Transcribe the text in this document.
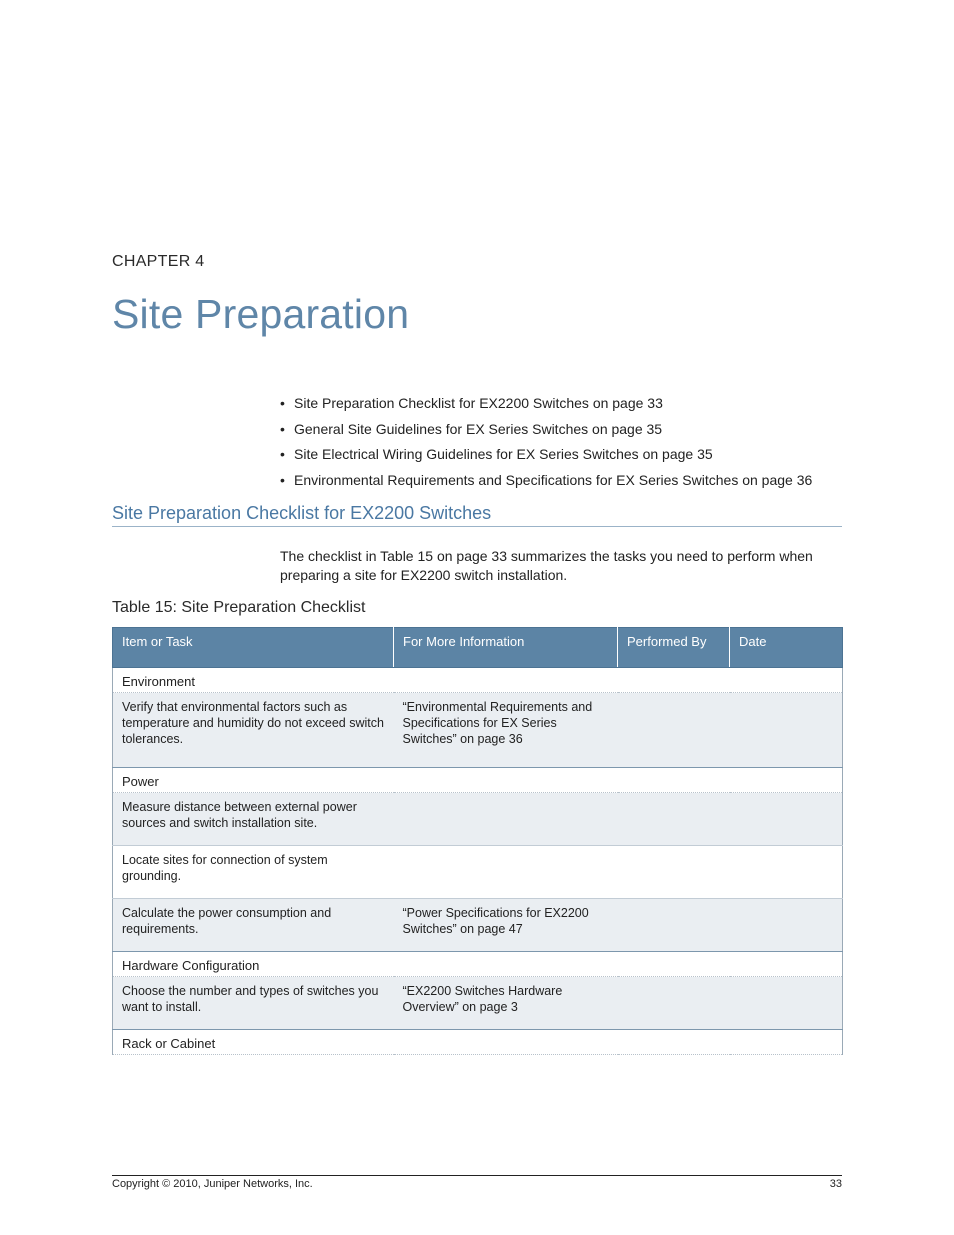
CHAPTER 4
Site Preparation
• Site Preparation Checklist for EX2200 Switches on page 33
• General Site Guidelines for EX Series Switches on page 35
• Site Electrical Wiring Guidelines for EX Series Switches on page 35
• Environmental Requirements and Specifications for EX Series Switches on page 36
Site Preparation Checklist for EX2200 Switches

The checklist in Table 15 on page 33 summarizes the tasks you need to perform when preparing a site for EX2200 switch installation.

Table 15: Site Preparation Checklist
Item or Task	For More Information	Performed By	Date
Environment			
Verify that environmental factors such as temperature and humidity do not exceed switch tolerances.	“Environmental Requirements and Specifications for EX Series Switches” on page 36		
Power			
Measure distance between external power sources and switch installation site.			
Locate sites for connection of system grounding.			
Calculate the power consumption and requirements.	“Power Specifications for EX2200 Switches” on page 47		
Hardware Configuration			
Choose the number and types of switches you want to install.	“EX2200 Switches Hardware Overview” on page 3		
Rack or Cabinet			
Copyright © 2010, Juniper Networks, Inc.	33
